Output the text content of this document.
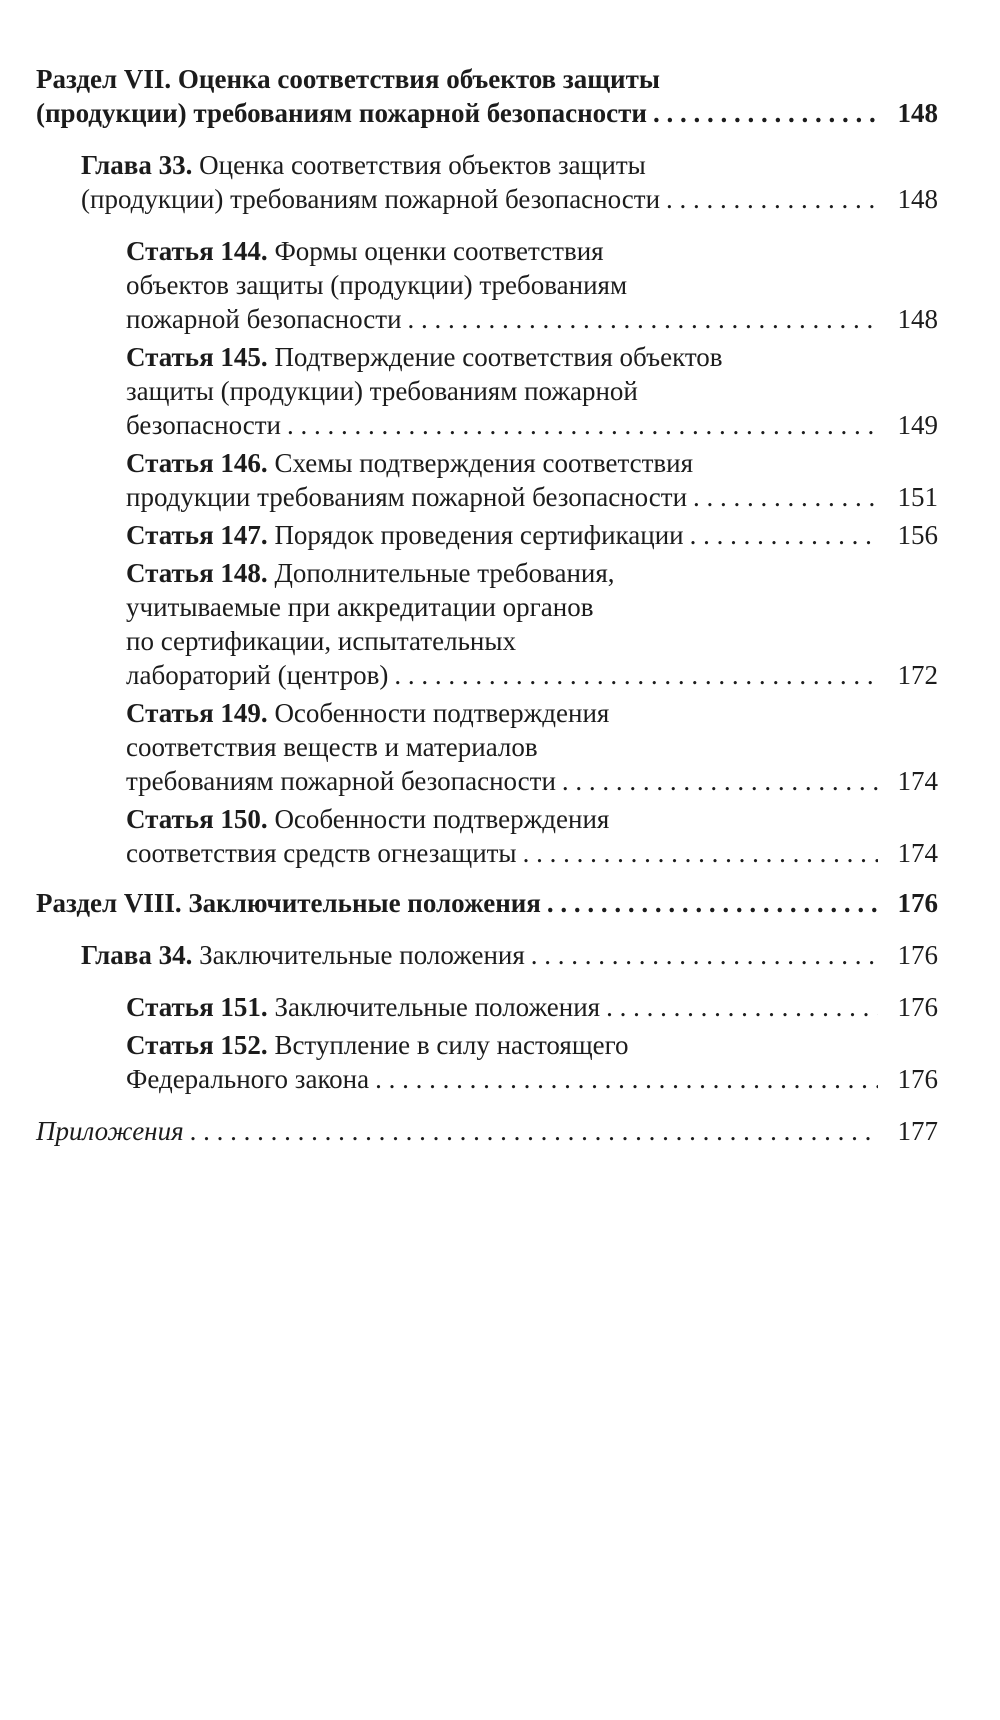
Раздел VII. Оценка соответствия объектов защиты
(продукции) требованиям пожарной безопасности . . .	148
Глава 33. Оценка соответствия объектов защиты
(продукции) требованиям пожарной безопасности . . .	148
Статья 144. Формы оценки соответствия
объектов защиты (продукции) требованиям
пожарной безопасности . . .	148
Статья 145. Подтверждение соответствия объектов
защиты (продукции) требованиям пожарной
безопасности . . .	149
Статья 146. Схемы подтверждения соответствия
продукции требованиям пожарной безопасности . . .	151
Статья 147. Порядок проведения сертификации . . .	156
Статья 148. Дополнительные требования,
учитываемые при аккредитации органов
по сертификации, испытательных
лабораторий (центров) . . .	172
Статья 149. Особенности подтверждения
соответствия веществ и материалов
требованиям пожарной безопасности . . .	174
Статья 150. Особенности подтверждения
соответствия средств огнезащиты . . .	174
Раздел VIII. Заключительные положения . . .	176
Глава 34. Заключительные положения . . .	176
Статья 151. Заключительные положения . . .	176
Статья 152. Вступление в силу настоящего
Федерального закона . . .	176
Приложения . . .	177
